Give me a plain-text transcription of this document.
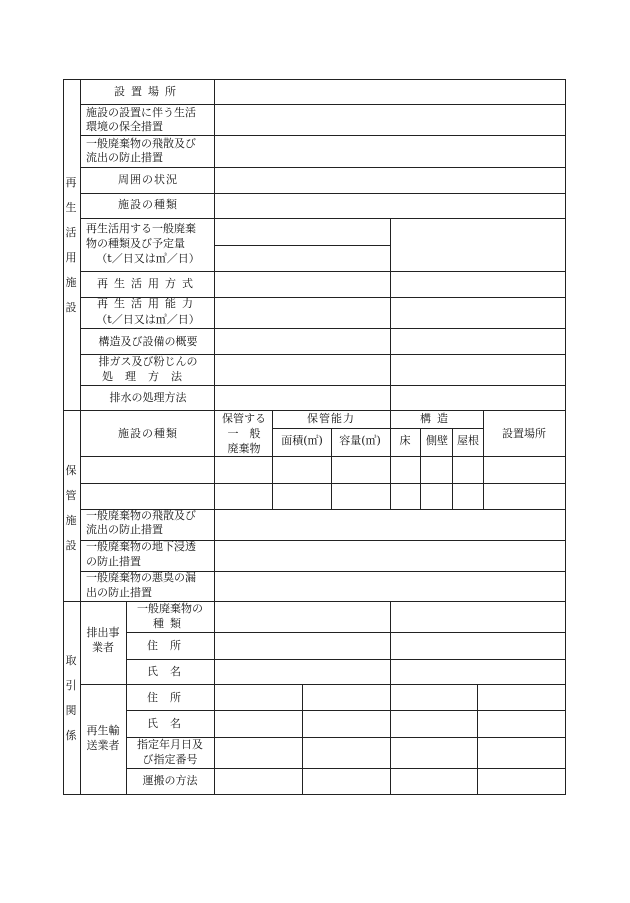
再
生
活
用
施
設
保
管
施
設
取
引
関
係
設置場所
施設の設置に伴う生活
環境の保全措置
一般廃棄物の飛散及び
流出の防止措置
周囲の状況
施設の種類
再生活用する一般廃棄
物の種類及び予定量
（t／日又は㎥／日）
再生活用方式
再生活用能力
（t／日又は㎥／日）
構造及び設備の概要
排ガス及び粉じんの
処理方法
排水の処理方法
施設の種類
保管する
一　般
廃棄物
保管能力
面積(㎡) 容量(㎥)
構造
床 側壁 屋根
設置場所
一般廃棄物の飛散及び
流出の防止措置
一般廃棄物の地下浸透
の防止措置
一般廃棄物の悪臭の漏
出の防止措置
排出事
業者
一般廃棄物の
種類
住所
氏名
再生輸
送業者
住所
氏名
指定年月日及
び指定番号
運搬の方法
